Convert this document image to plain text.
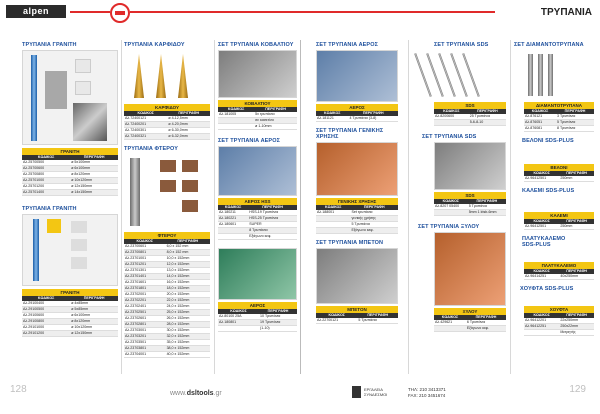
alpen	ΤΡΥΠΑΝΙΑ
ΤΡΥΠΑΝΙΑ ΓΡΑΝΙΤΗ
ΓΡΑΝΙΤΗ
ΚΩΔΙΚΟΣ	ΠΕΡΙΓΡΑΦΗ
Αλ.25700500	ø 5x100mm
Αλ.25700600	ø 6x100mm
Αλ.25700800	ø 8x120mm
Αλ.25701000	ø 10x120mm
Αλ.25701200	ø 12x150mm
Αλ.25701400	ø 14x150mm
ΤΡΥΠΑΝΙΑ ΓΡΑΝΙΤΗ
ΓΡΑΝΙΤΗ
ΚΩΔΙΚΟΣ	ΠΕΡΙΓΡΑΦΗ
Αλ.29100400	ø 4x85mm
Αλ.29100500	ø 5x85mm
Αλ.29100600	ø 6x100mm
Αλ.29100800	ø 8x120mm
Αλ.29101000	ø 10x120mm
Αλ.29101200	ø 12x150mm
ΤΡΥΠΑΝΙΑ ΚΑΡΦΙΔΟΥ
ΚΑΡΦΙΔΟΥ
ΚΩΔΙΚΟΣ	ΠΕΡΙΓΡΑΦΗ
Αλ.72400121	ø 4-12,5mm
Αλ.72400201	ø 4-20,0mm
Αλ.72400301	ø 6-30,0mm
Αλ.72400321	ø 6-32,0mm
ΤΡΥΠΑΝΙΑ ΦΤΕΡΟΥ
ΦΤΕΡΟΥ
ΚΩΔΙΚΟΣ	ΠΕΡΙΓΡΑΦΗ
Αλ.23700601	6,0 x 152 mm
Αλ.23700801	8,0 x 152 mm
Αλ.23701001	10,0 x 152mm
Αλ.23701201	12,0 x 152mm
Αλ.23701301	13,0 x 152mm
Αλ.23701401	14,0 x 152mm
Αλ.23701601	16,0 x 152mm
Αλ.23701801	18,0 x 152mm
Αλ.23702001	20,0 x 152mm
Αλ.23702201	22,0 x 152mm
Αλ.23702401	24,0 x 152mm
Αλ.23702501	25,0 x 152mm
Αλ.23702601	26,0 x 152mm
Αλ.23702801	28,0 x 152mm
Αλ.23703001	30,0 x 152mm
Αλ.23703201	32,0 x 152mm
Αλ.23703501	35,0 x 152mm
Αλ.23703801	38,0 x 152mm
Αλ.23704001	40,0 x 152mm
ΣΕΤ ΤΡΥΠΑΝΙΑ ΚΟΒΑΛΤΙΟΥ
ΚΟΒΑΛΤΙΟΥ
ΚΩΔΙΚΟΣ	ΠΕΡΙΓΡΑΦΗ
Αλ.181005	5x τρυπάνια
	σε κασετίνα
	ø 1-10mm
ΣΕΤ ΤΡΥΠΑΝΙΑ ΑΕΡΟΣ
ΑΕΡΟΣ HSS
ΚΩΔΙΚΟΣ	ΠΕΡΙΓΡΑΦΗ
Αλ.180211	HSS-19 Τρυπάνια
Αλ.180221	HSS-25 Τρυπάνια
Αλ.180601	SUPER
	8 Τρυπάνια
	Εξάγωνο κεφ.
ΑΕΡΟΣ
ΚΩΔΙΚΟΣ	ΠΕΡΙΓΡΑΦΗ
Αλ.80100 25A	10 Τρυπάνια
Αλ.180801	19 Τρυπάνια
	(1-10)
ΣΕΤ ΤΡΥΠΑΝΙΑ ΑΕΡΟΣ
ΑΕΡΟΣ
ΚΩΔΙΚΟΣ	ΠΕΡΙΓΡΑΦΗ
Αλ.181121	4 Τρυπάνια (3-8)
ΣΕΤ ΤΡΥΠΑΝΙΑ ΓΕΝΙΚΗΣ ΧΡΗΣΗΣ
ΓΕΝΙΚΗΣ ΧΡΗΣΗΣ
ΚΩΔΙΚΟΣ	ΠΕΡΙΓΡΑΦΗ
Αλ.188001	Set τρυπάνια
	γενικής χρήσης
	5 Τρυπάνια
	Εξάγωνο κεφ.
ΣΕΤ ΤΡΥΠΑΝΙΑ ΜΠΕΤΟΝ
ΜΠΕΤΟΝ
ΚΩΔΙΚΟΣ	ΠΕΡΙΓΡΑΦΗ
Αλ.22700121	5 Τρυπάνια
ΣΕΤ ΤΡΥΠΑΝΙΑ SDS
SDS
ΚΩΔΙΚΟΣ	ΠΕΡΙΓΡΑΦΗ
Αλ.8200600	25 Τρυπάνια
	5-6-8-10
ΣΕΤ ΤΡΥΠΑΝΙΑ SDS
SDS
ΚΩΔΙΚΟΣ	ΠΕΡΙΓΡΑΦΗ
Αλ.8207 05400	5 Τρυπάνια
	5mm 1 ktsb-6mm
ΣΕΤ ΤΡΥΠΑΝΙΑ ΞΥΛΟΥ
ΞΥΛΟΥ
ΚΩΔΙΚΟΣ	ΠΕΡΙΓΡΑΦΗ
Αλ.429621	6 Τρυπάνια
	Εξάγωνο κεφ.
ΣΕΤ ΔΙΑΜΑΝΤΟΤΡΥΠΑΝΑ
ΔΙΑΜΑΝΤΟΤΡΥΠΑΝΑ
ΚΩΔΙΚΟΣ	ΠΕΡΙΓΡΑΦΗ
Αλ.876121	3 Τρυπάνια
Αλ.876051	5 Τρυπάνια
Αλ.876081	8 Τρυπάνια
ΒΕΛΟΝΙ SDS-PLUS
ΒΕΛΟΝΙ
ΚΩΔΙΚΟΣ	ΠΕΡΙΓΡΑΦΗ
Αλ.96412501	250mm
ΚΑΛΕΜΙ SDS-PLUS
ΚΑΛΕΜΙ
ΚΩΔΙΚΟΣ	ΠΕΡΙΓΡΑΦΗ
Αλ.96412501	250mm
ΠΛΑΤΥΚΑΛΕΜΟ SDS-PLUS
ΠΛΑΤΥΚΑΛΕΜΟ
ΚΩΔΙΚΟΣ	ΠΕΡΙΓΡΑΦΗ
Αλ.96414251	40x250mm
ΧΟΥΦΤΑ SDS-PLUS
ΧΟΥΦΤΑ
ΚΩΔΙΚΟΣ	ΠΕΡΙΓΡΑΦΗ
Αλ.96412201	22x250mm
Αλ.96412251	250x22mm
	Μετρητής
128	www.dsltools.gr
ΕΡΓΑΛΕΙΑ
ΣΥΝΔΕΣΜΟΙ
ΤΗΛ: 210 3413371
FAX: 210 3451674	129
